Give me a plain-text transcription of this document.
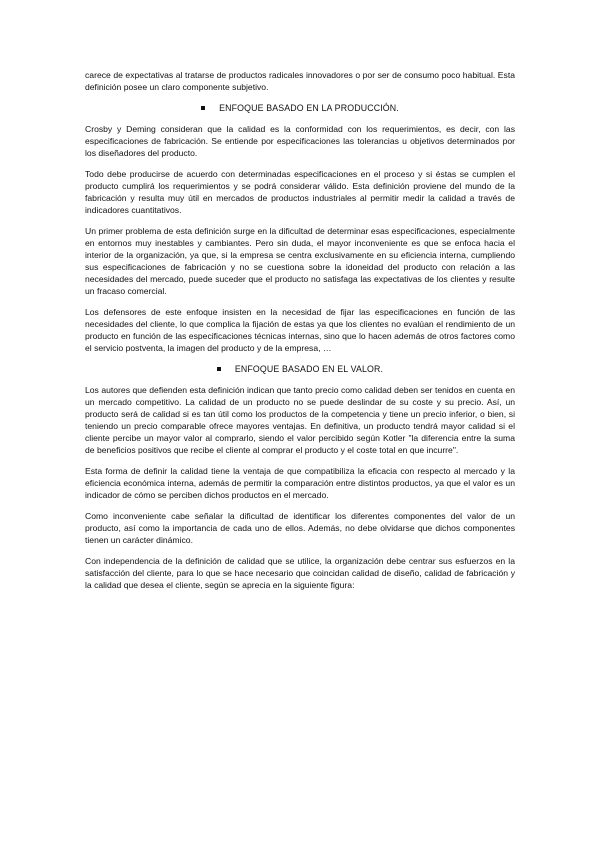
carece de expectativas al tratarse de productos radicales innovadores o por ser de consumo poco habitual. Esta definición posee un claro componente subjetivo.

ENFOQUE BASADO EN LA PRODUCCIÓN.

Crosby y Deming consideran que la calidad es la conformidad con los requerimientos, es decir, con las especificaciones de fabricación. Se entiende por especificaciones las tolerancias u objetivos determinados por los diseñadores del producto.

Todo debe producirse de acuerdo con determinadas especificaciones en el proceso y si éstas se cumplen el producto cumplirá los requerimientos y se podrá considerar válido. Esta definición proviene del mundo de la fabricación y resulta muy útil en mercados de productos industriales al permitir medir la calidad a través de indicadores cuantitativos.

Un primer problema de esta definición surge en la dificultad de determinar esas especificaciones, especialmente en entornos muy inestables y cambiantes. Pero sin duda, el mayor inconveniente es que se enfoca hacia el interior de la organización, ya que, si la empresa se centra exclusivamente en su eficiencia interna, cumpliendo sus especificaciones de fabricación y no se cuestiona sobre la idoneidad del producto con relación a las necesidades del mercado, puede suceder que el producto no satisfaga las expectativas de los clientes y resulte un fracaso comercial.

Los defensores de este enfoque insisten en la necesidad de fijar las especificaciones en función de las necesidades del cliente, lo que complica la fijación de estas ya que los clientes no evalúan el rendimiento de un producto en función de las especificaciones técnicas internas, sino que lo hacen además de otros factores como el servicio postventa, la imagen del producto y de la empresa, …

ENFOQUE BASADO EN EL VALOR.

Los autores que defienden esta definición indican que tanto precio como calidad deben ser tenidos en cuenta en un mercado competitivo. La calidad de un producto no se puede deslindar de su coste y su precio. Así, un producto será de calidad si es tan útil como los productos de la competencia y tiene un precio inferior, o bien, si teniendo un precio comparable ofrece mayores ventajas. En definitiva, un producto tendrá mayor calidad si el cliente percibe un mayor valor al comprarlo, siendo el valor percibido según Kotler "la diferencia entre la suma de beneficios positivos que recibe el cliente al comprar el producto y el coste total en que incurre".

Esta forma de definir la calidad tiene la ventaja de que compatibiliza la eficacia con respecto al mercado y la eficiencia económica interna, además de permitir la comparación entre distintos productos, ya que el valor es un indicador de cómo se perciben dichos productos en el mercado.

Como inconveniente cabe señalar la dificultad de identificar los diferentes componentes del valor de un producto, así como la importancia de cada uno de ellos. Además, no debe olvidarse que dichos componentes tienen un carácter dinámico.

Con independencia de la definición de calidad que se utilice, la organización debe centrar sus esfuerzos en la satisfacción del cliente, para lo que se hace necesario que coincidan calidad de diseño, calidad de fabricación y la calidad que desea el cliente, según se aprecia en la siguiente figura:
